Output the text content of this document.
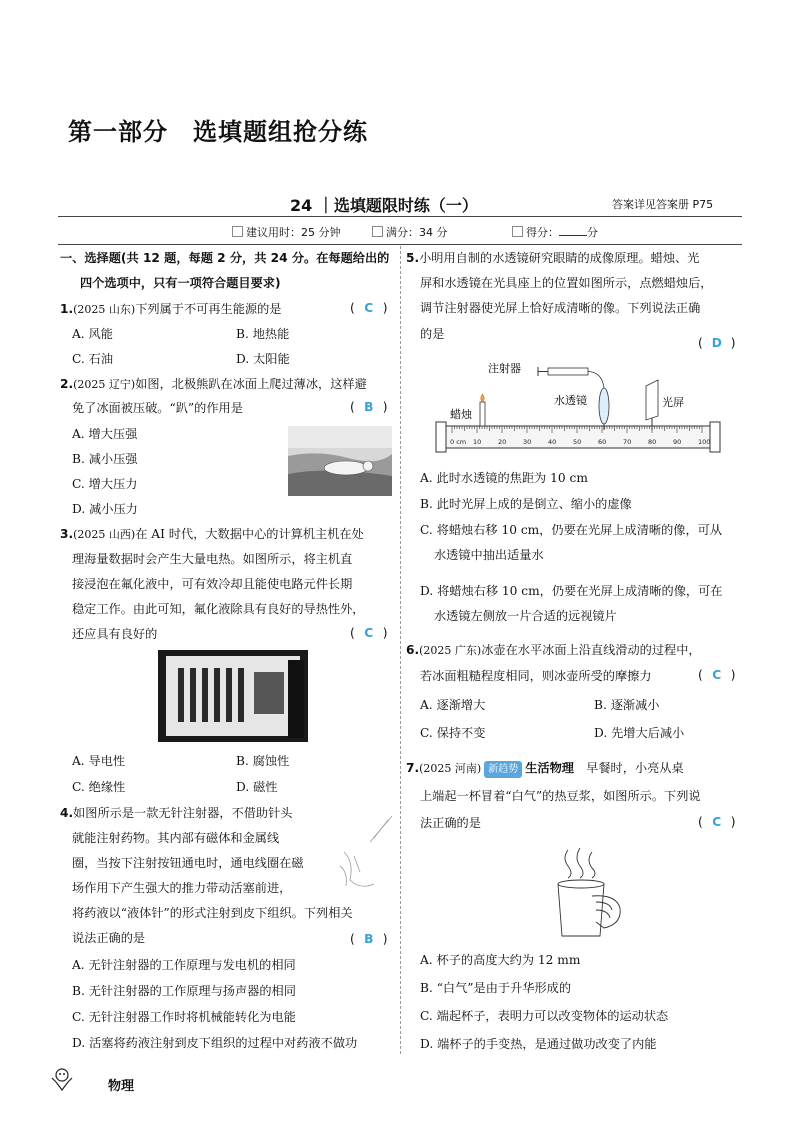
第一部分　选填题组抢分练
24 ｜选填题限时练（一）	答案详见答案册 P75
建议用时：25 分钟	满分：34 分	得分：	分
一、选择题(共 12 题，每题 2 分，共 24 分。在每题给出的
四个选项中，只有一项符合题目要求)
1.(2025 山东)下列属于不可再生能源的是	( C )
A. 风能	B. 地热能
C. 石油	D. 太阳能
2.(2025 辽宁)如图，北极熊趴在冰面上爬过薄冰，这样避
免了冰面被压破。“趴”的作用是	( B )
A. 增大压强
B. 减小压强
C. 增大压力
D. 减小压力
3.(2025 山西)在 AI 时代，大数据中心的计算机主机在处
理海量数据时会产生大量电热。如图所示，将主机直
接浸泡在氟化液中，可有效冷却且能使电路元件长期
稳定工作。由此可知，氟化液除具有良好的导热性外，
还应具有良好的	( C )
A. 导电性	B. 腐蚀性
C. 绝缘性	D. 磁性
4.如图所示是一款无针注射器，不借助针头
就能注射药物。其内部有磁体和金属线
圈，当按下注射按钮通电时，通电线圈在磁
场作用下产生强大的推力带动活塞前进，
将药液以“液体针”的形式注射到皮下组织。下列相关
说法正确的是	( B )
A. 无针注射器的工作原理与发电机的相同
B. 无针注射器的工作原理与扬声器的相同
C. 无针注射器工作时将机械能转化为电能
D. 活塞将药液注射到皮下组织的过程中对药液不做功
5.小明用自制的水透镜研究眼睛的成像原理。蜡烛、光
屏和水透镜在光具座上的位置如图所示，点燃蜡烛后，
调节注射器使光屏上恰好成清晰的像。下列说法正确
的是
( D )
0 cm 10	20	30	40	50	60	70	80	90	100
注射器
水透镜
蜡烛
光屏
A. 此时水透镜的焦距为 10 cm
B. 此时光屏上成的是倒立、缩小的虚像
C. 将蜡烛右移 10 cm，仍要在光屏上成清晰的像，可从
水透镜中抽出适量水
D. 将蜡烛右移 10 cm，仍要在光屏上成清晰的像，可在
水透镜左侧放一片合适的远视镜片
6.(2025 广东)冰壶在水平冰面上沿直线滑动的过程中，
若冰面粗糙程度相同，则冰壶所受的摩擦力	( C )
A. 逐渐增大	B. 逐渐减小
C. 保持不变	D. 先增大后减小
7.(2025 河南) 新趋势 生活物理　 早餐时，小亮从桌
上端起一杯冒着“白气”的热豆浆，如图所示。下列说
法正确的是	( C )
A. 杯子的高度大约为 12 mm
B. “白气”是由于升华形成的
C. 端起杯子，表明力可以改变物体的运动状态
D. 端杯子的手变热，是通过做功改变了内能
物理
